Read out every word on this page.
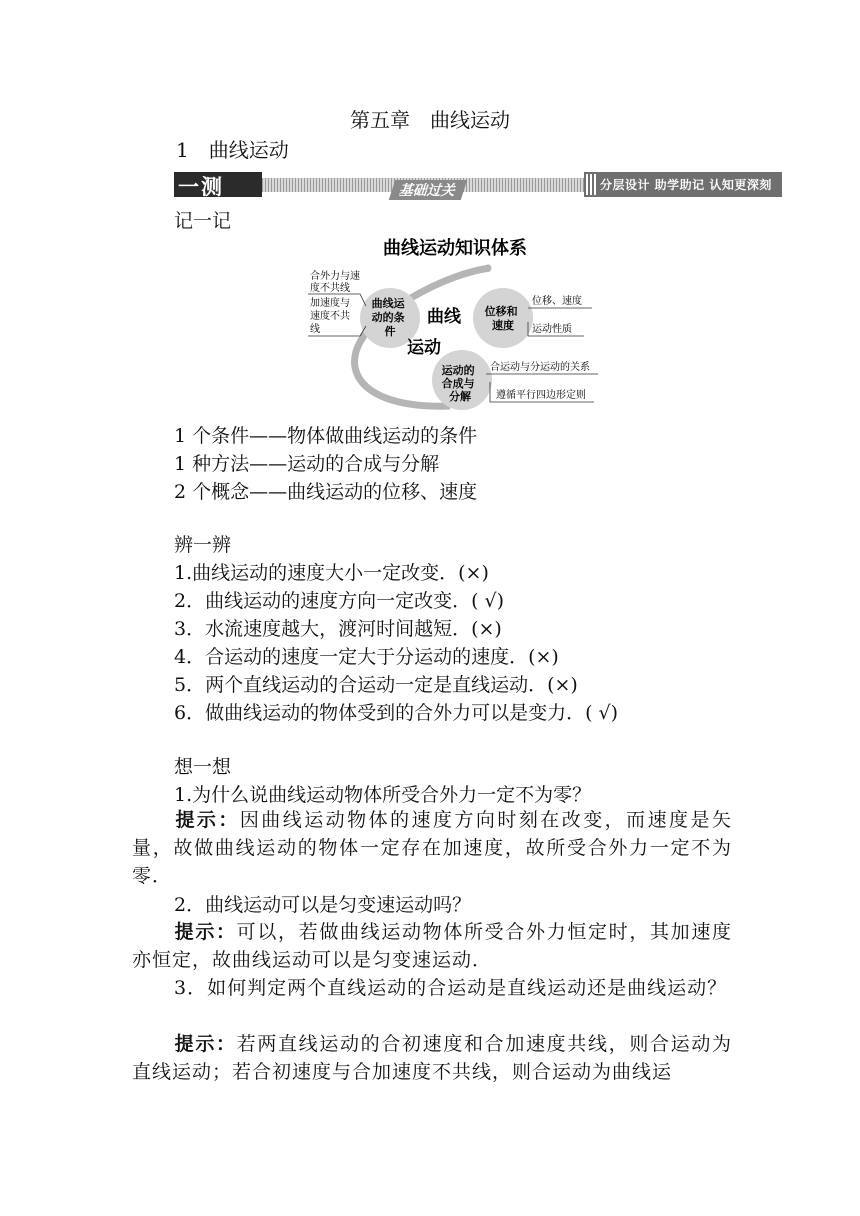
第五章　曲线运动
1　曲线运动
一测	基础过关	分层设计 助学助记 认知更深刻
记一记
曲线运动知识体系
曲线运 动的条 件
位移和 速度
运动的 合成与 分解
曲线
运动
合外力与速 度不共线
加速度与 速度不共 线
位移、速度
运动性质
合运动与分运动的关系
遵循平行四边形定则
1 个条件——物体做曲线运动的条件
1 种方法——运动的合成与分解
2 个概念——曲线运动的位移、速度
辨一辨
1.曲线运动的速度大小一定改变．(×)
2．曲线运动的速度方向一定改变．( √)
3．水流速度越大，渡河时间越短．(×)
4．合运动的速度一定大于分运动的速度．(×)
5．两个直线运动的合运动一定是直线运动．(×)
6．做曲线运动的物体受到的合外力可以是变力．( √)
想一想
1.为什么说曲线运动物体所受合外力一定不为零？
提示：因曲线运动物体的速度方向时刻在改变，而速度是矢量，故做曲线运动的物体一定存在加速度，故所受合外力一定不为零．
2．曲线运动可以是匀变速运动吗？
提示：可以，若做曲线运动物体所受合外力恒定时，其加速度亦恒定，故曲线运动可以是匀变速运动．
3．如何判定两个直线运动的合运动是直线运动还是曲线运动？
提示：若两直线运动的合初速度和合加速度共线，则合运动为直线运动；若合初速度与合加速度不共线，则合运动为曲线运
